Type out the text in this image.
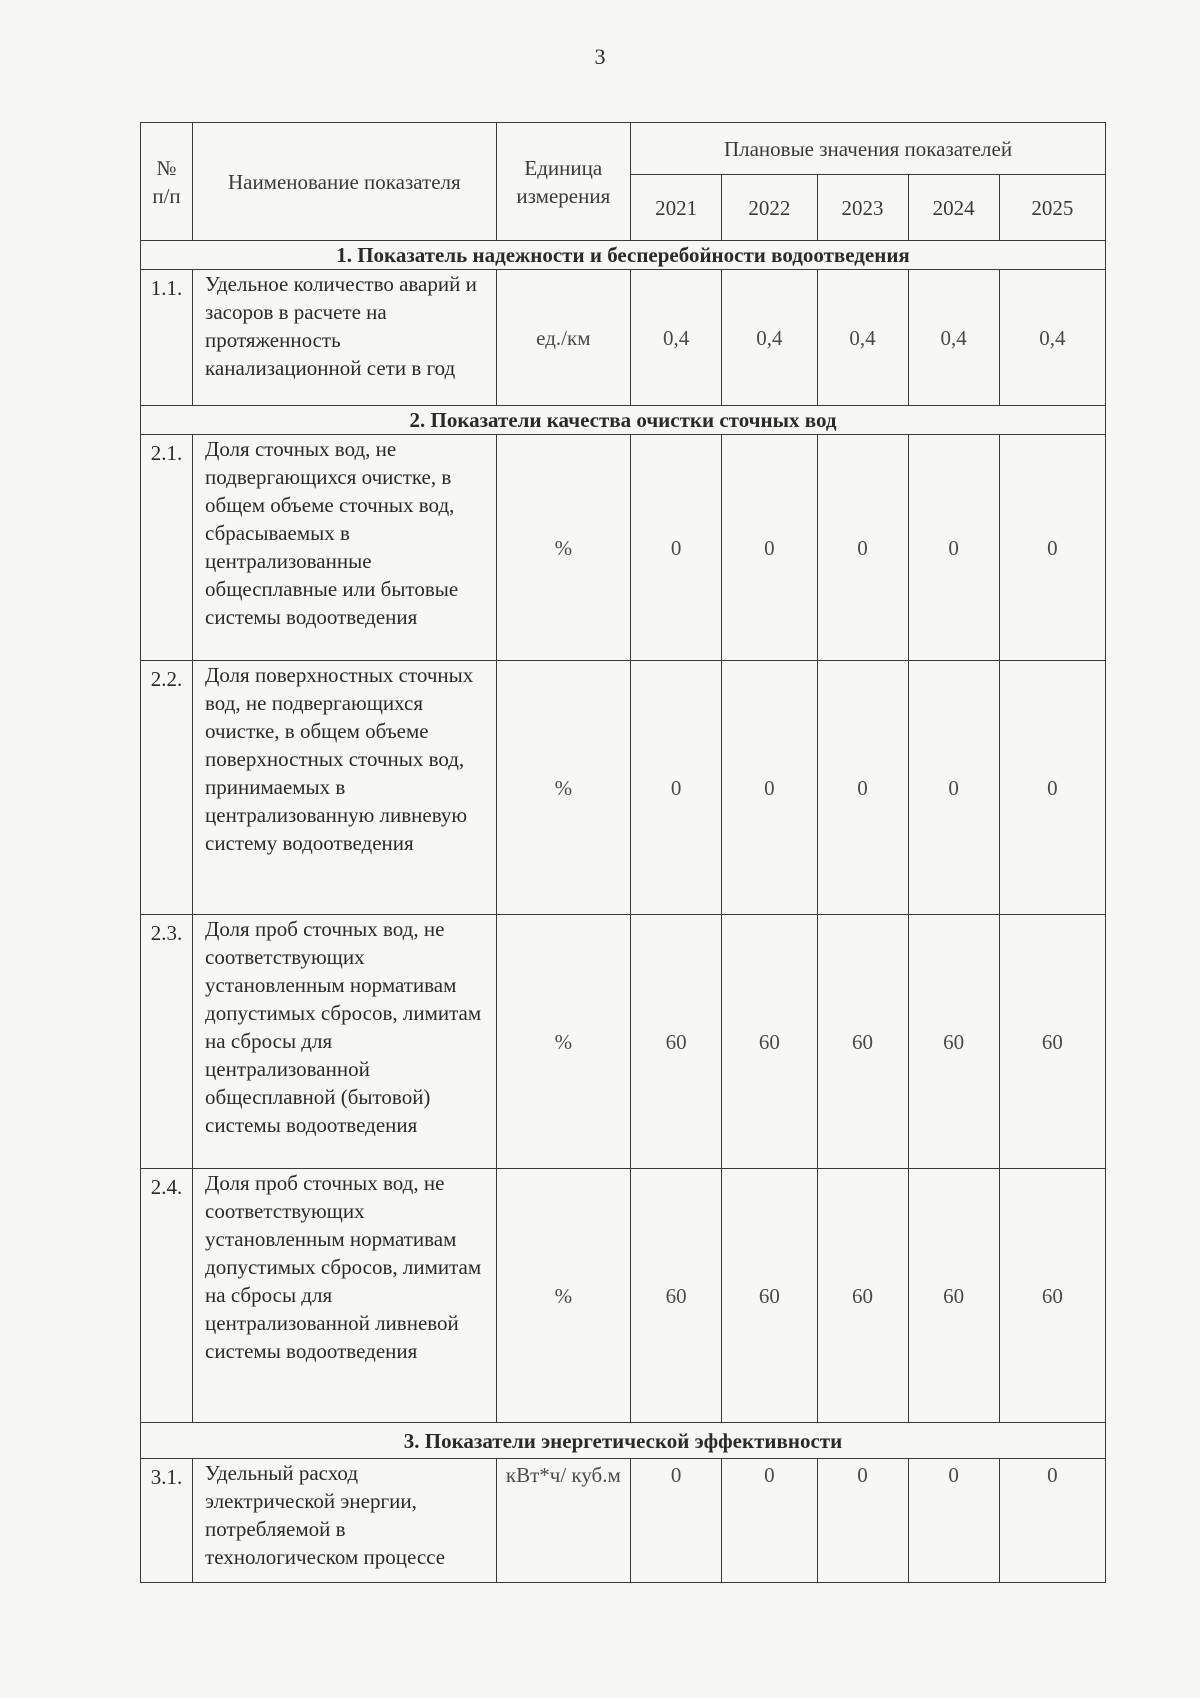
3
№ п/п	Наименование показателя	Единица измерения	Плановые значения показателей				
			2021	2022	2023	2024	2025
1. Показатель надежности и бесперебойности водоотведения							
1.1.	Удельное количество аварий и засоров в расчете на протяженность канализационной сети в год	ед./км	0,4	0,4	0,4	0,4	0,4
2. Показатели качества очистки сточных вод							
2.1.	Доля сточных вод, не подвергающихся очистке, в общем объеме сточных вод, сбрасываемых в централизованные общесплавные или бытовые системы водоотведения	%	0	0	0	0	0
2.2.	Доля поверхностных сточных вод, не подвергающихся очистке, в общем объеме поверхностных сточных вод, принимаемых в централизованную ливневую систему водоотведения	%	0	0	0	0	0
2.3.	Доля проб сточных вод, не соответствующих установленным нормативам допустимых сбросов, лимитам на сбросы для централизованной общесплавной (бытовой) системы водоотведения	%	60	60	60	60	60
2.4.	Доля проб сточных вод, не соответствующих установленным нормативам допустимых сбросов, лимитам на сбросы для централизованной ливневой системы водоотведения	%	60	60	60	60	60
3. Показатели энергетической эффективности							
3.1.	Удельный расход электрической энергии, потребляемой в технологическом процессе	кВт*ч/ куб.м	0	0	0	0	0
